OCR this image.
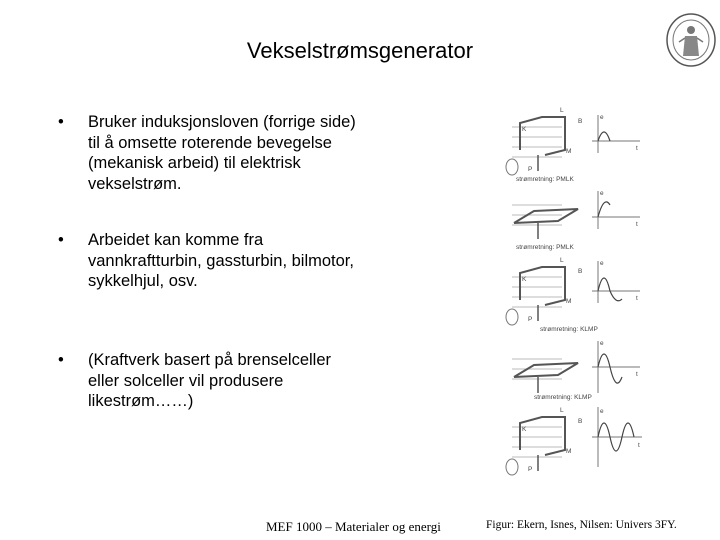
Vekselstrømsgenerator
• Bruker induksjonsloven (forrige side) til å omsette roterende bevegelse (mekanisk arbeid) til elektrisk vekselstrøm.
• Arbeidet kan komme fra vannkraftturbin, gassturbin, bilmotor, sykkelhjul, osv.
• (Kraftverk basert på brenselceller eller solceller vil produsere likestrøm……)
L
K
M
P
B
e
t
strømretning: PMLK
e
t
strømretning: PMLK
L
K
M
P
B
e
t
strømretning: KLMP
e
t
strømretning: KLMP
L
K
M
P
B
e
t
MEF 1000 – Materialer og energi	Figur: Ekern, Isnes, Nilsen: Univers 3FY.
